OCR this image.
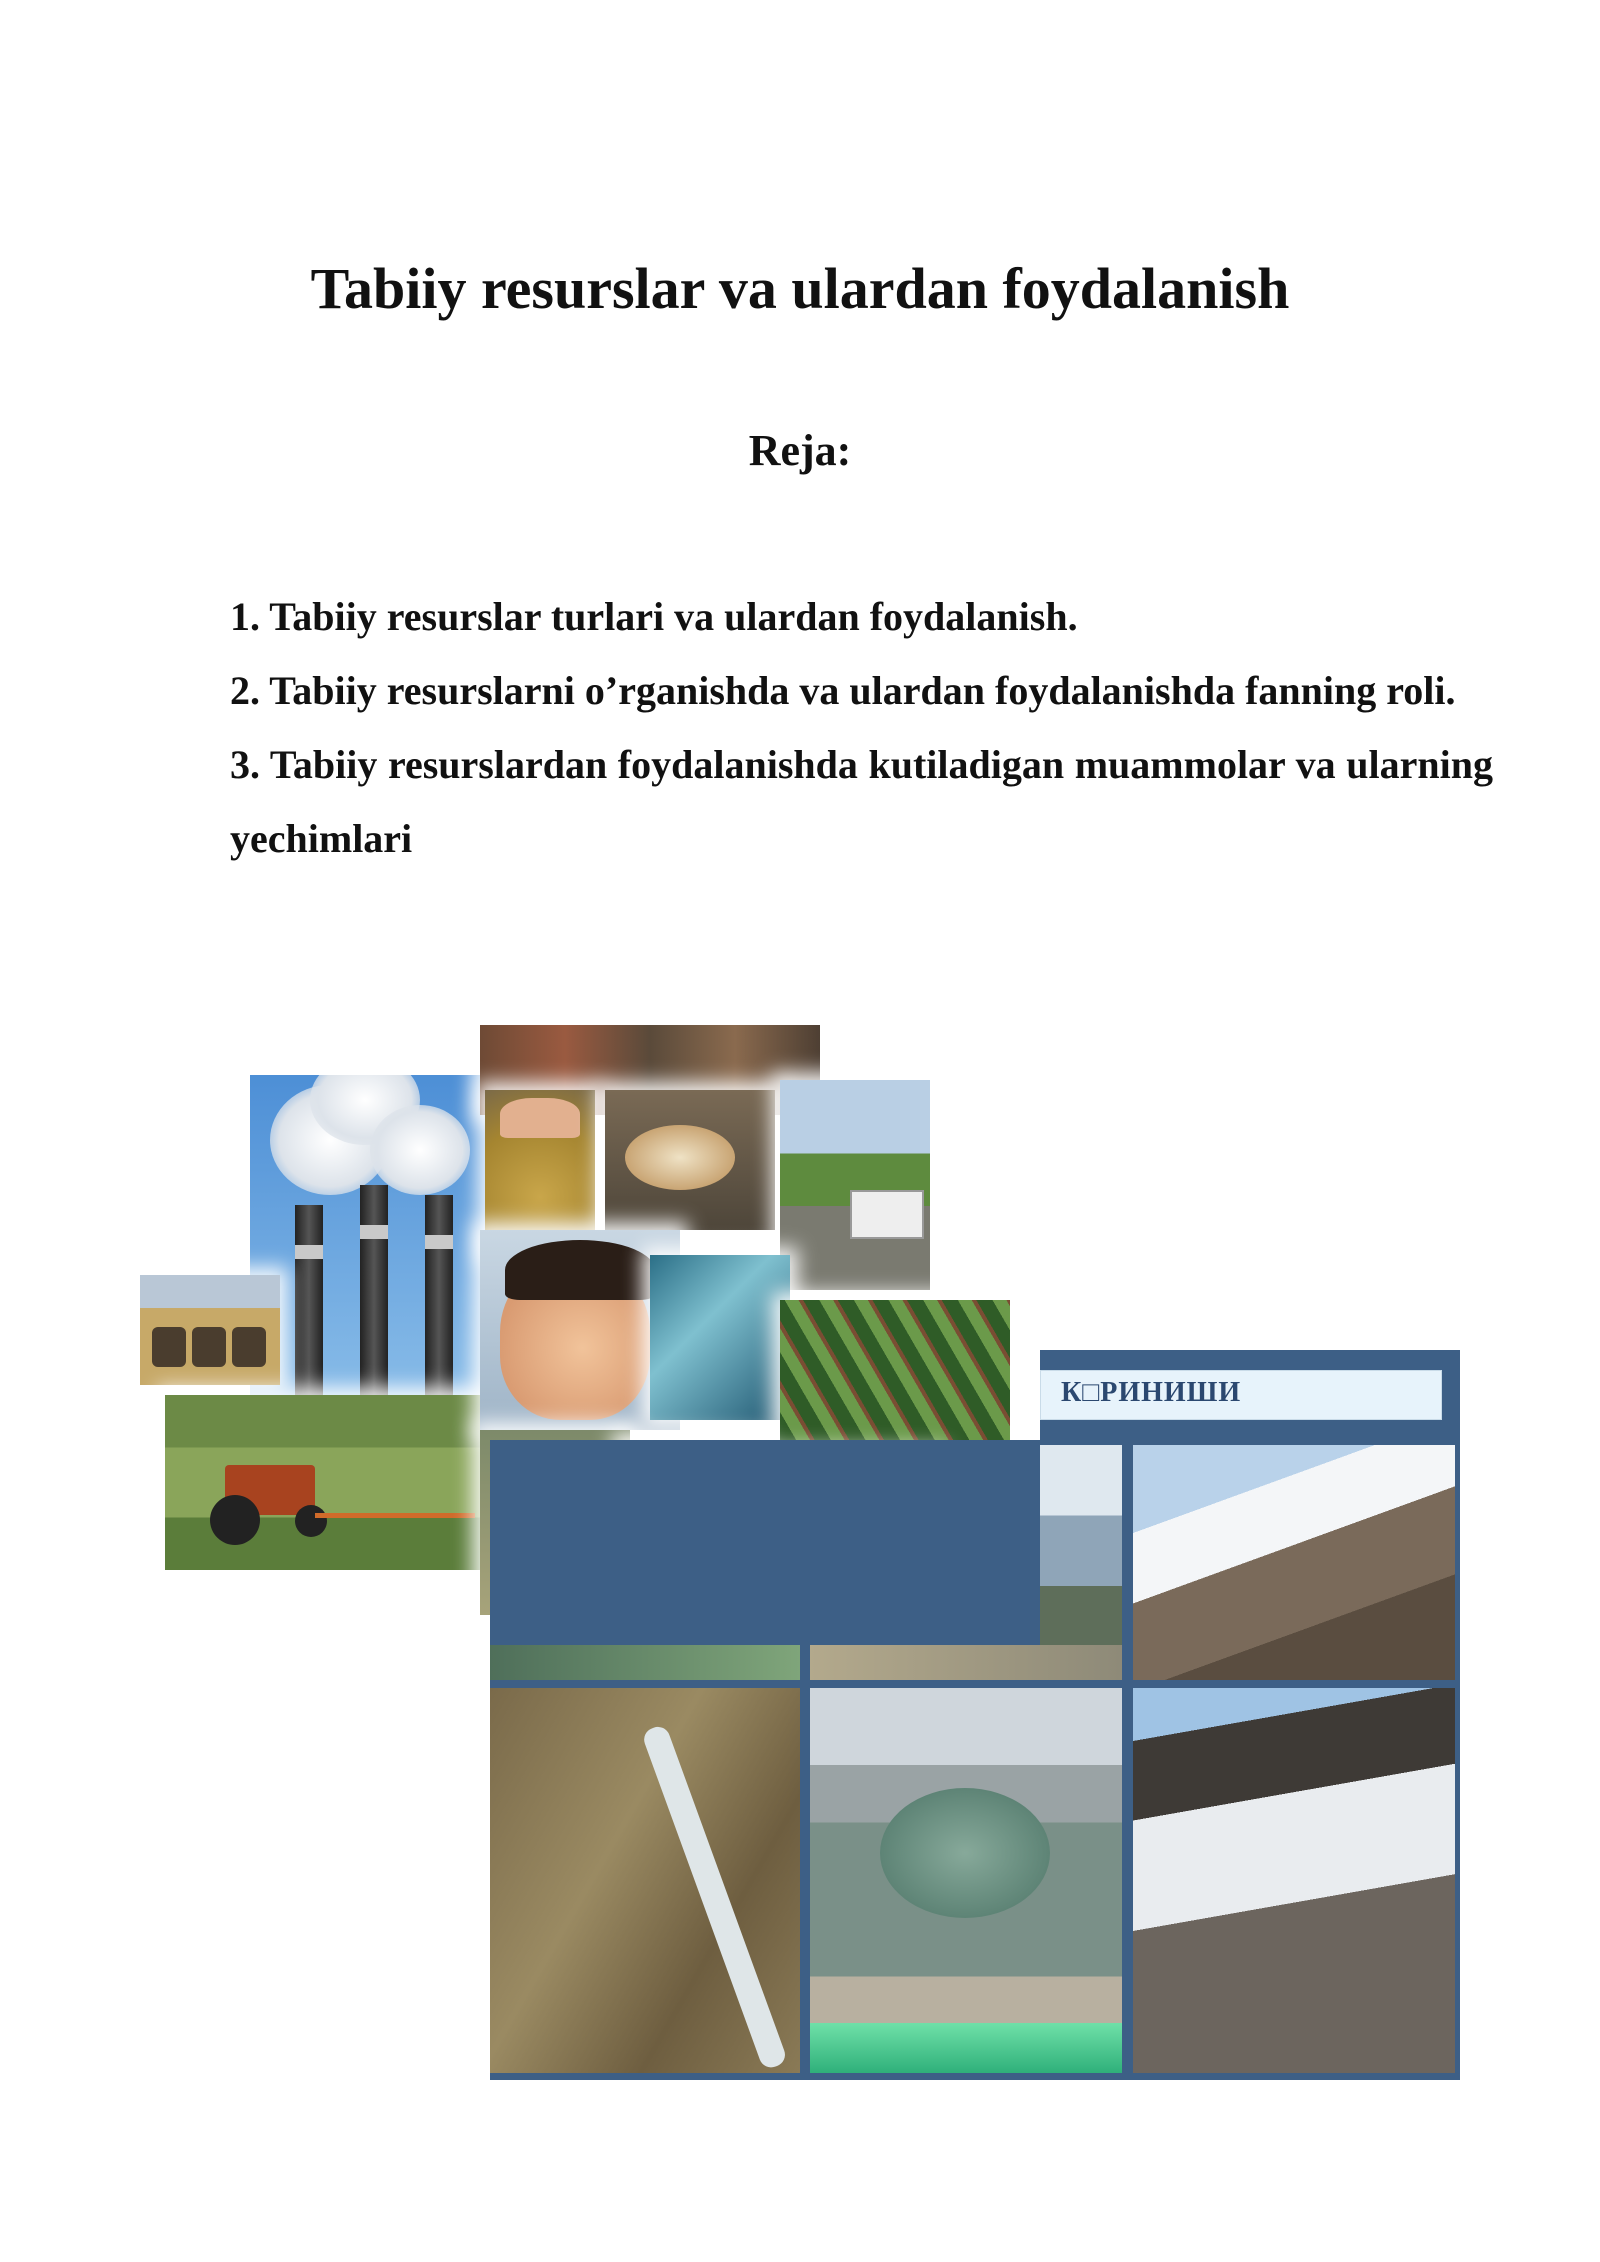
Tabiiy resurslar va ulardan foydalanish
Reja:
1. Tabiiy resurslar turlari va ulardan foydalanish.
2. Tabiiy resurslarni o’rganishda va ulardan foydalanishda fanning roli.
3. Tabiiy resurslardan foydalanishda kutiladigan muammolar va ularning yechimlari
☢
К□РИНИШИ
